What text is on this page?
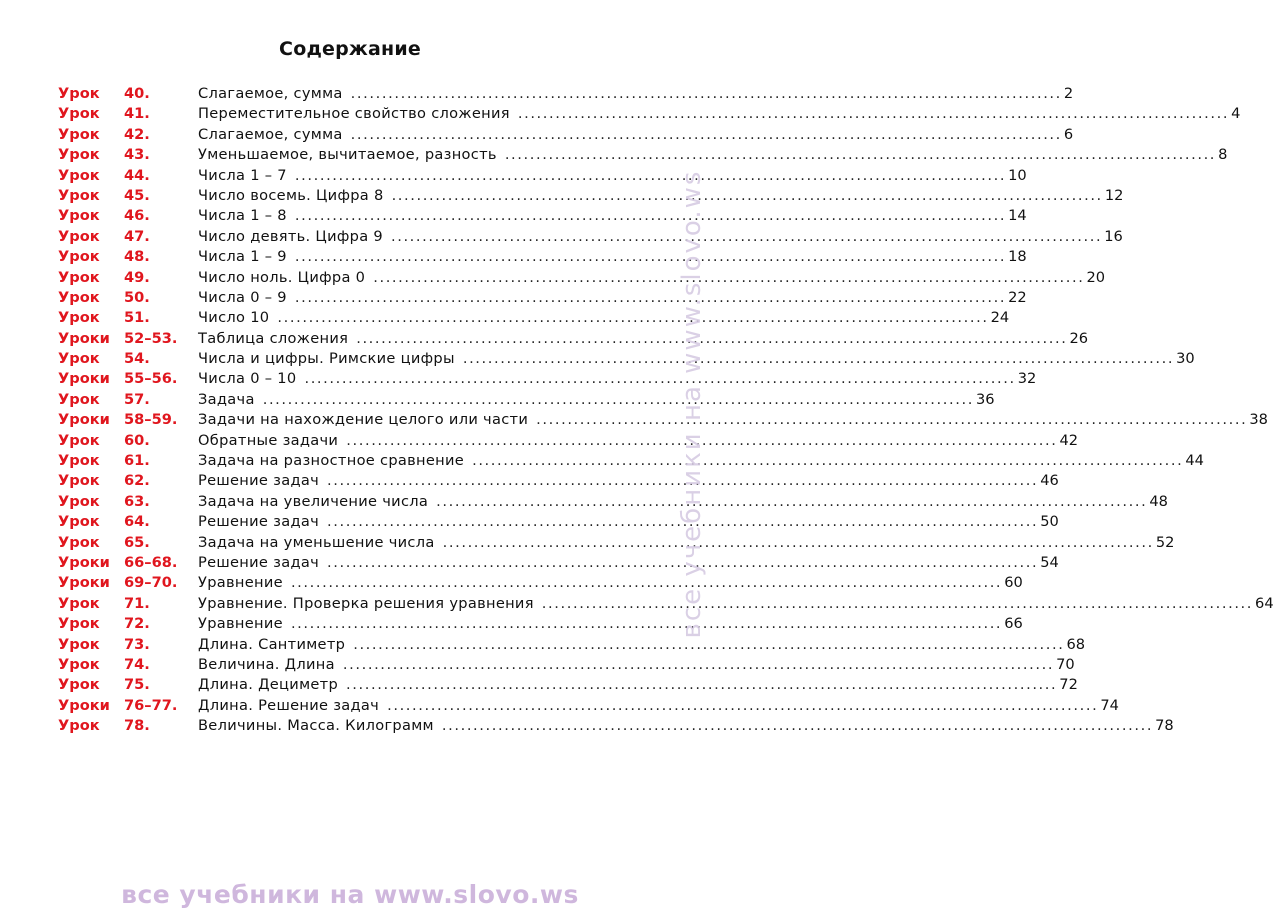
Содержание
Урок	40.	Слагаемое, сумма .................................................................................................................. 2
Урок	41.	Переместительное свойство сложения .................................................................................................................. 4
Урок	42.	Слагаемое, сумма .................................................................................................................. 6
Урок	43.	Уменьшаемое, вычитаемое, разность .................................................................................................................. 8
Урок	44.	Числа 1 – 7 .................................................................................................................. 10
Урок	45.	Число восемь. Цифра 8 .................................................................................................................. 12
Урок	46.	Числа 1 – 8 .................................................................................................................. 14
Урок	47.	Число девять. Цифра 9 .................................................................................................................. 16
Урок	48.	Числа 1 – 9 .................................................................................................................. 18
Урок	49.	Число ноль. Цифра 0 .................................................................................................................. 20
Урок	50.	Числа 0 – 9 .................................................................................................................. 22
Урок	51.	Число 10 .................................................................................................................. 24
Уроки 52–53.	Таблица сложения .................................................................................................................. 26
Урок	54.	Числа и цифры. Римские цифры .................................................................................................................. 30
Уроки 55–56.	Числа 0 – 10 .................................................................................................................. 32
Урок	57.	Задача .................................................................................................................. 36
Уроки 58–59.	Задачи на нахождение целого или части .................................................................................................................. 38
Урок	60.	Обратные задачи .................................................................................................................. 42
Урок	61.	Задача на разностное сравнение .................................................................................................................. 44
Урок	62.	Решение задач .................................................................................................................. 46
Урок	63.	Задача на увеличение числа .................................................................................................................. 48
Урок	64.	Решение задач .................................................................................................................. 50
Урок	65.	Задача на уменьшение числа .................................................................................................................. 52
Уроки 66–68.	Решение задач .................................................................................................................. 54
Уроки 69–70.	Уравнение .................................................................................................................. 60
Урок	71.	Уравнение. Проверка решения уравнения .................................................................................................................. 64
Урок	72.	Уравнение .................................................................................................................. 66
Урок	73.	Длина. Сантиметр .................................................................................................................. 68
Урок	74.	Величина. Длина .................................................................................................................. 70
Урок	75.	Длина. Дециметр .................................................................................................................. 72
Уроки 76–77.	Длина. Решение задач .................................................................................................................. 74
Урок	78.	Величины. Масса. Килограмм .................................................................................................................. 78
все учебники на www.slovo.ws
все учебники на www.slovo.ws
